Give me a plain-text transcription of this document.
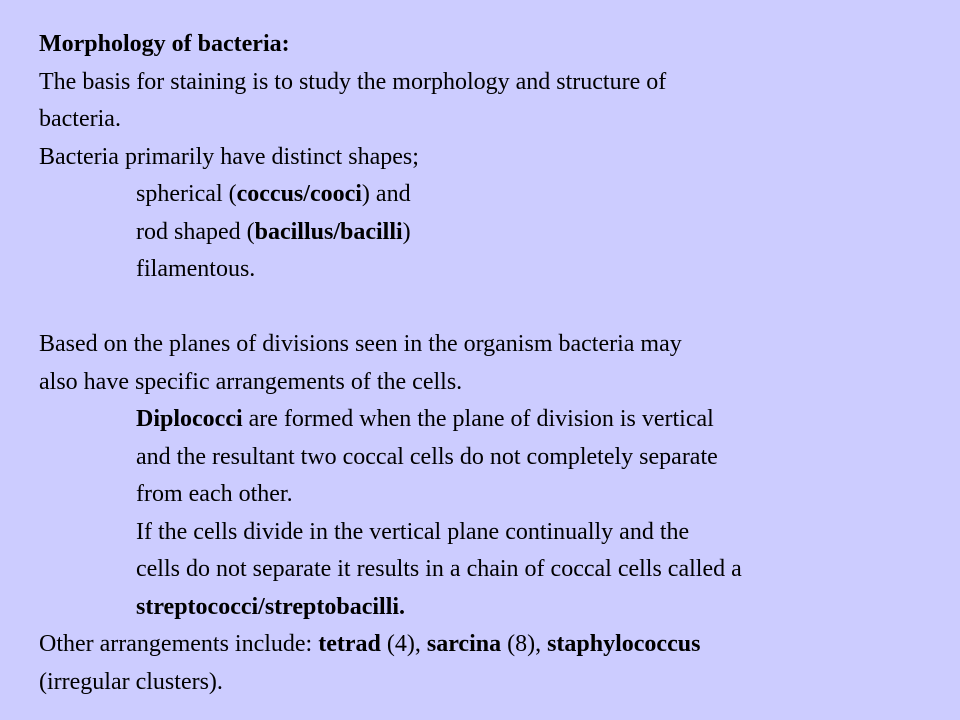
Morphology of bacteria:
The basis for staining is to study the morphology and structure of
bacteria.
Bacteria primarily have distinct shapes;
spherical (coccus/cooci) and
rod shaped (bacillus/bacilli)
filamentous.
Based on the planes of divisions seen in the organism bacteria may
also have specific arrangements of the cells.
Diplococci are formed when the plane of division is vertical
and the resultant two coccal cells do not completely separate
from each other.
If the cells divide in the vertical plane continually and the
cells do not separate it results in a chain of coccal cells called a
streptococci/streptobacilli.
Other arrangements include: tetrad (4), sarcina (8), staphylococcus
(irregular clusters).
